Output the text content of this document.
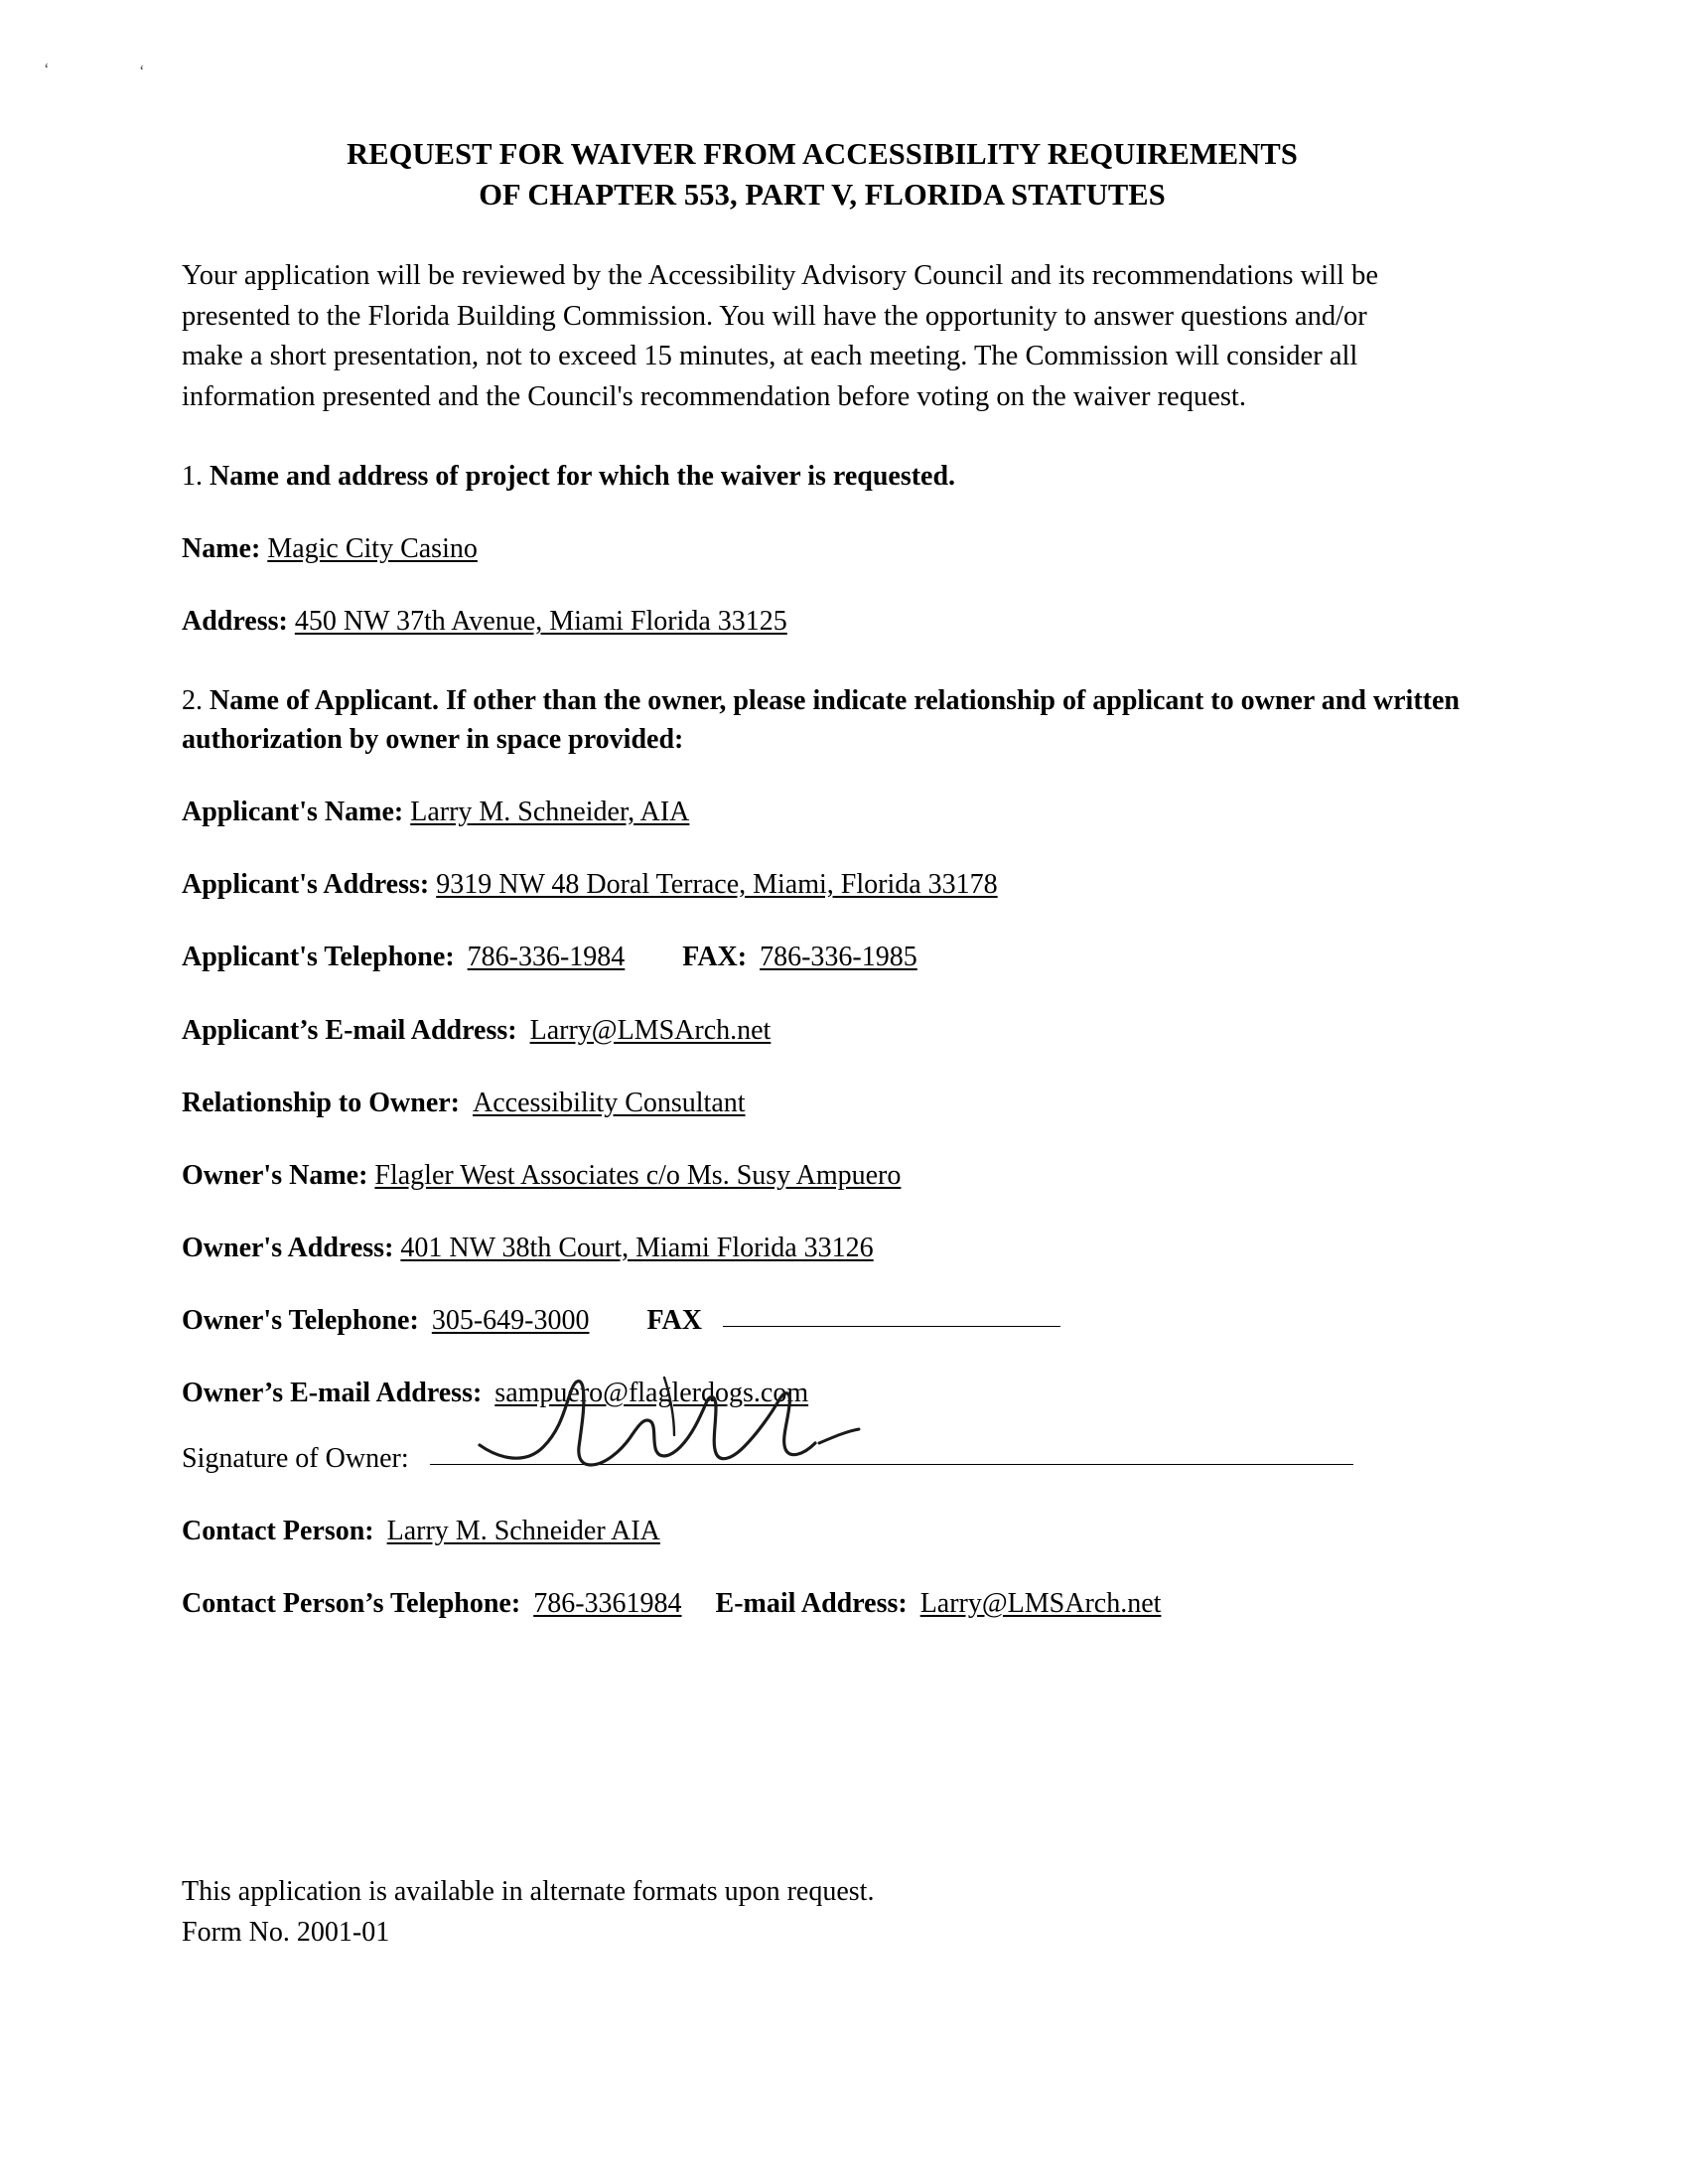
‘	‘
REQUEST FOR WAIVER FROM ACCESSIBILITY REQUIREMENTS
OF CHAPTER 553, PART V, FLORIDA STATUTES

Your application will be reviewed by the Accessibility Advisory Council and its recommendations will be presented to the Florida Building Commission. You will have the opportunity to answer questions and/or make a short presentation, not to exceed 15 minutes, at each meeting. The Commission will consider all information presented and the Council's recommendation before voting on the waiver request.

1. Name and address of project for which the waiver is requested.

Name: Magic City Casino

Address: 450 NW 37th Avenue, Miami Florida 33125

2. Name of Applicant. If other than the owner, please indicate relationship of applicant to owner and written authorization by owner in space provided:

Applicant's Name: Larry M. Schneider, AIA

Applicant's Address: 9319 NW 48 Doral Terrace, Miami, Florida 33178

Applicant's Telephone: 786-336-1984 FAX: 786-336-1985

Applicant’s E-mail Address: Larry@LMSArch.net

Relationship to Owner: Accessibility Consultant

Owner's Name: Flagler West Associates c/o Ms. Susy Ampuero

Owner's Address: 401 NW 38th Court, Miami Florida 33126

Owner's Telephone: 305-649-3000 FAX

Owner’s E-mail Address: sampuero@flaglerdogs.com

Signature of Owner:

Contact Person: Larry M. Schneider AIA

Contact Person’s Telephone: 786-3361984 E-mail Address: Larry@LMSArch.net

This application is available in alternate formats upon request.
Form No. 2001-01
